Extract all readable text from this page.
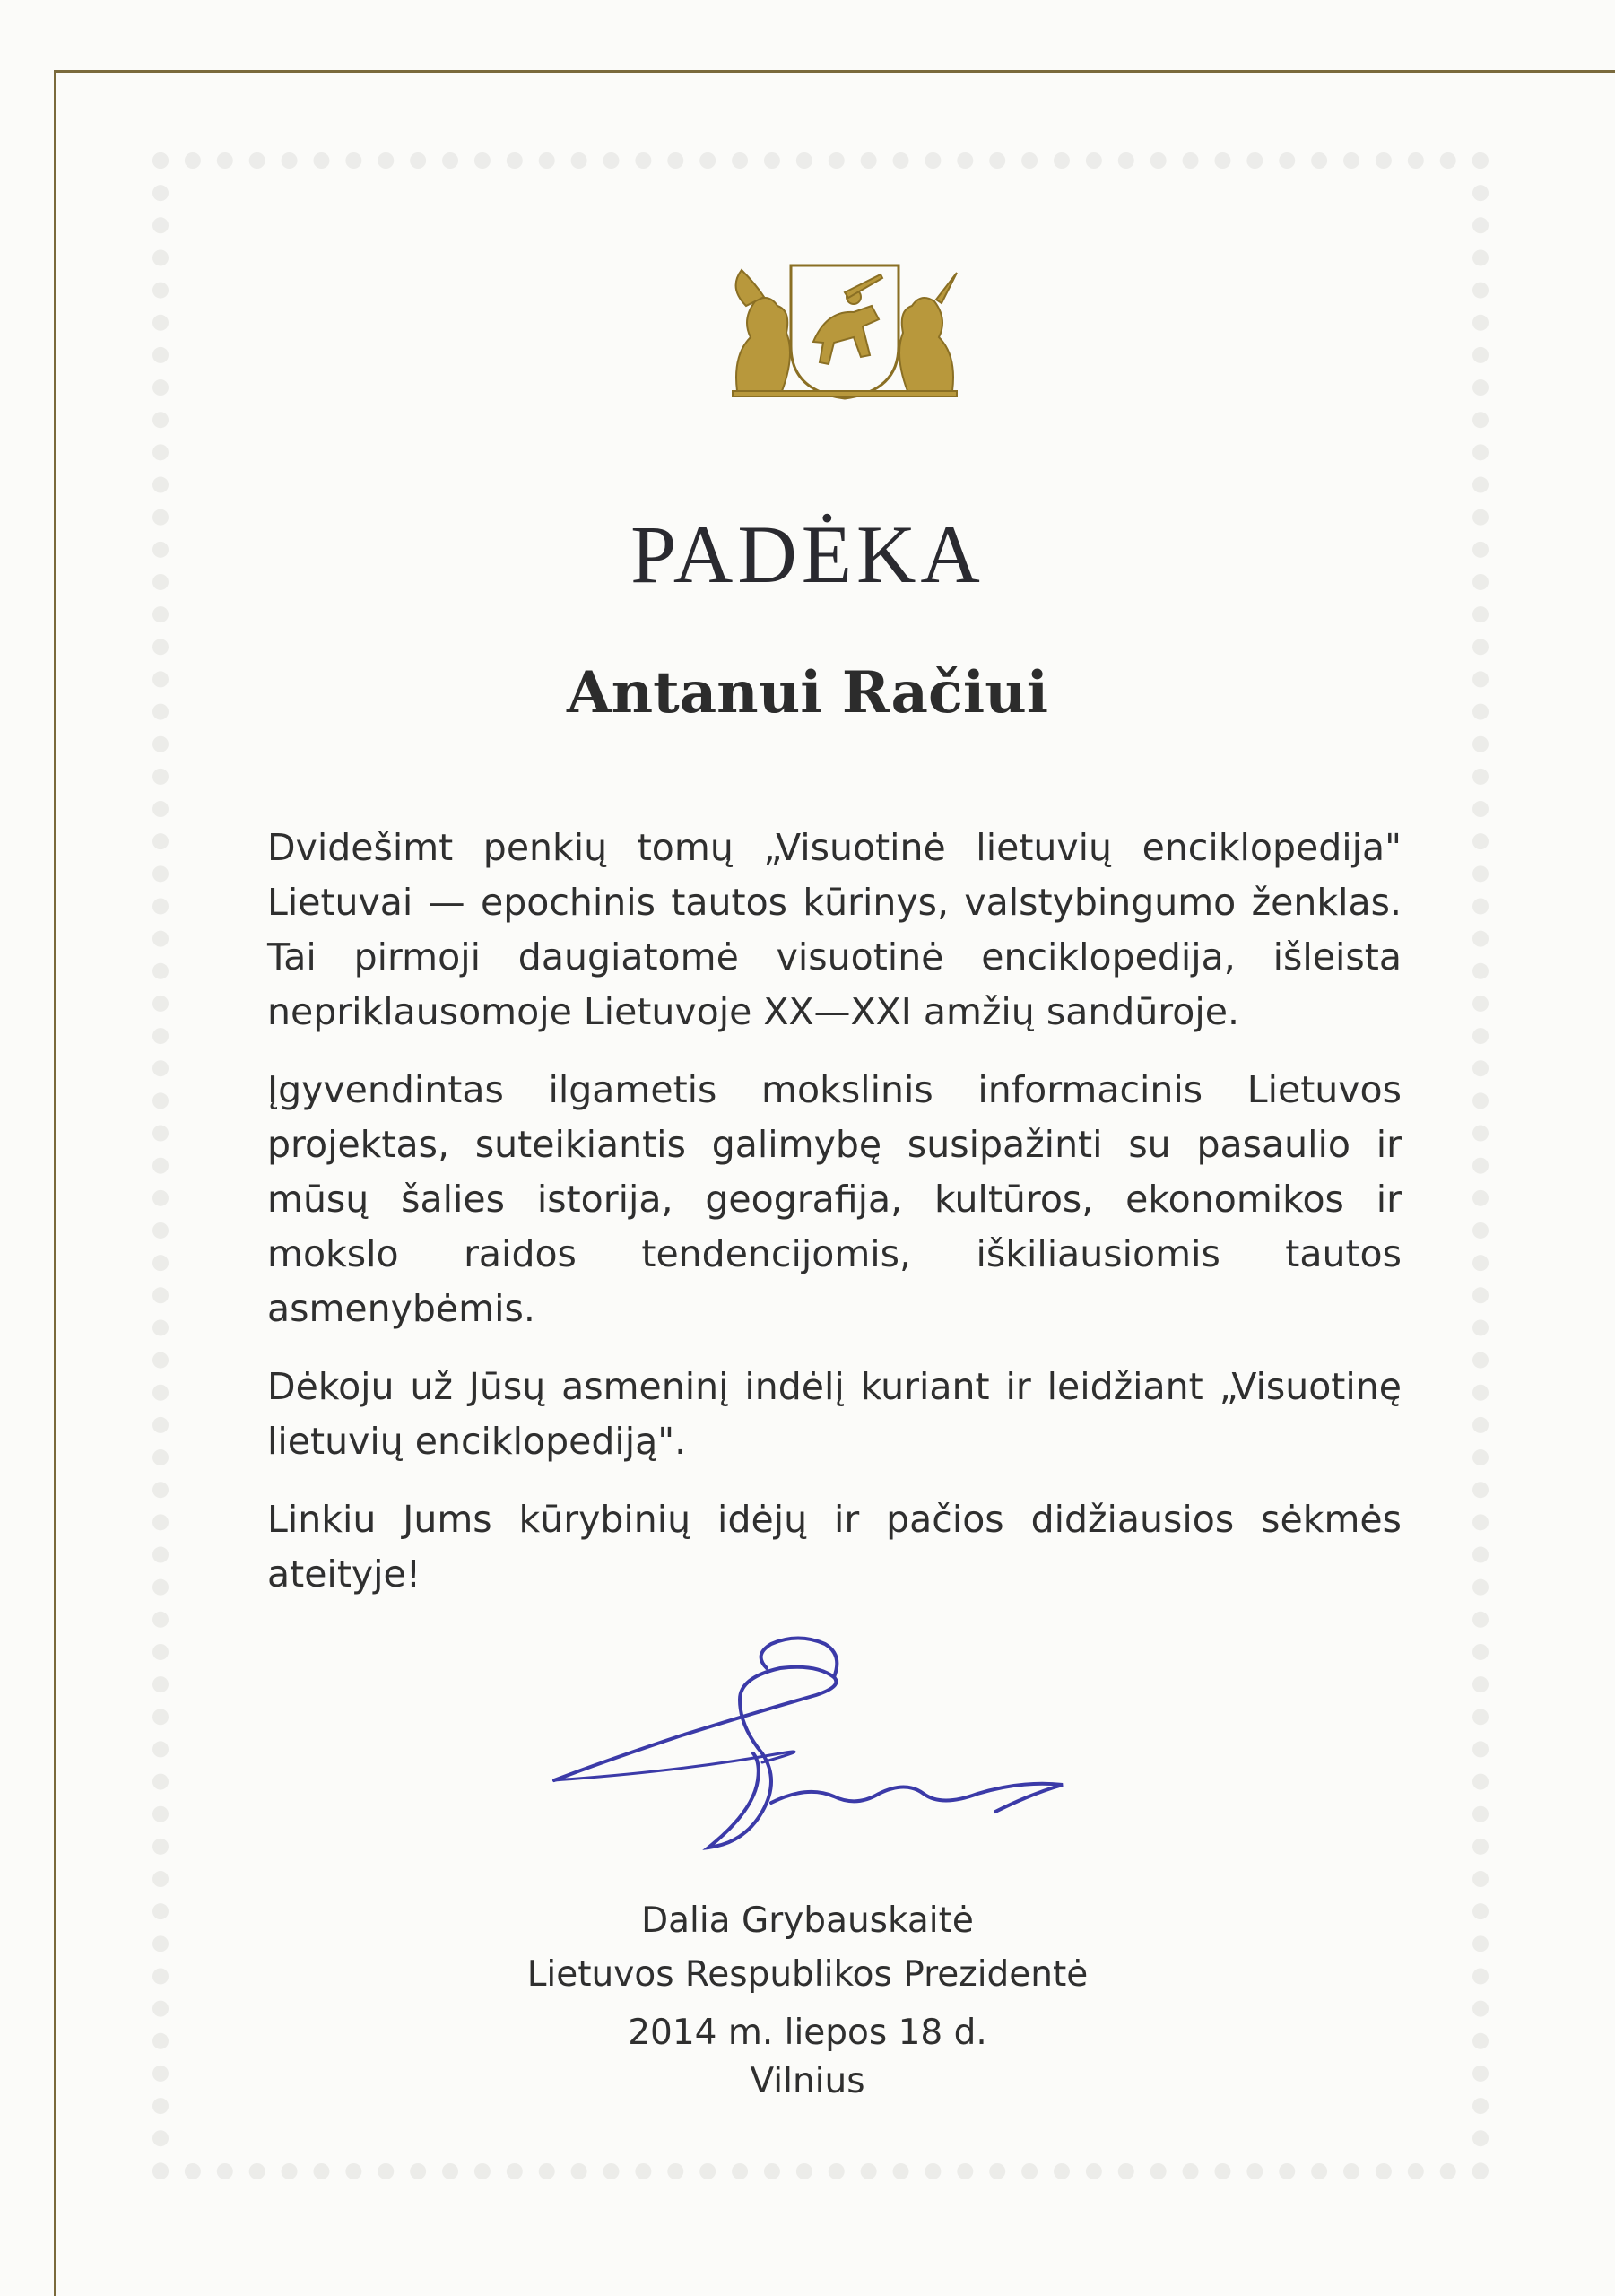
PADĖKA
Antanui Račiui

Dvidešimt penkių tomų „Visuotinė lietuvių enciklopedija" Lietuvai — epochinis tautos kūrinys, valstybingumo ženklas. Tai pirmoji daugiatomė visuotinė enciklopedija, išleista nepriklausomoje Lietuvoje XX—XXI amžių sandūroje.

Įgyvendintas ilgametis mokslinis informacinis Lietuvos projektas, suteikiantis galimybę susipažinti su pasaulio ir mūsų šalies istorija, geografija, kultūros, ekonomikos ir mokslo raidos tendencijomis, iškiliausiomis tautos asmenybėmis.

Dėkoju už Jūsų asmeninį indėlį kuriant ir leidžiant „Visuotinę lietuvių enciklopediją".

Linkiu Jums kūrybinių idėjų ir pačios didžiausios sėkmės ateityje!

Dalia Grybauskaitė
Lietuvos Respublikos Prezidentė
2014 m. liepos 18 d.
Vilnius
